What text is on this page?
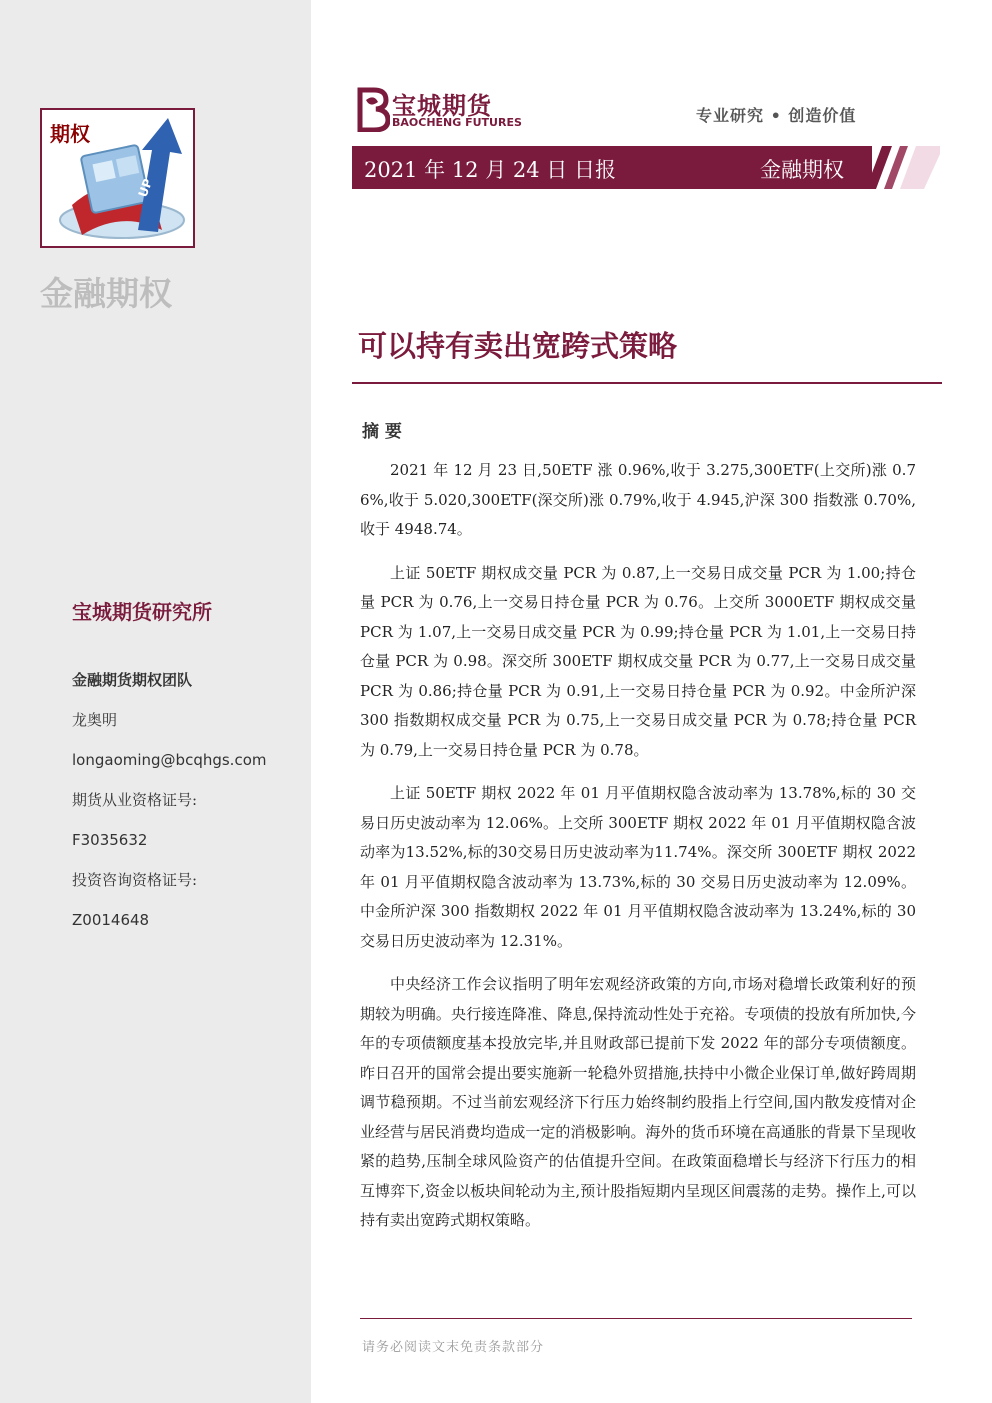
UP
期权
金融期权
宝城期货研究所
金融期货期权团队
龙奥明
longaoming@bcqhgs.com
期货从业资格证号:
F3035632
投资咨询资格证号:
Z0014648
宝城期货
BAOCHENG FUTURES	专业研究 • 创造价值
2021 年 12 月 24 日 日报	金融期权
可以持有卖出宽跨式策略
摘 要

2021 年 12 月 23 日,50ETF 涨 0.96%,收于 3.275,300ETF(上交所)涨 0.76%,收于 5.020,300ETF(深交所)涨 0.79%,收于 4.945,沪深 300 指数涨 0.70%,收于 4948.74。

上证 50ETF 期权成交量 PCR 为 0.87,上一交易日成交量 PCR 为 1.00;持仓量 PCR 为 0.76,上一交易日持仓量 PCR 为 0.76。上交所 3000ETF 期权成交量 PCR 为 1.07,上一交易日成交量 PCR 为 0.99;持仓量 PCR 为 1.01,上一交易日持仓量 PCR 为 0.98。深交所 300ETF 期权成交量 PCR 为 0.77,上一交易日成交量 PCR 为 0.86;持仓量 PCR 为 0.91,上一交易日持仓量 PCR 为 0.92。中金所沪深 300 指数期权成交量 PCR 为 0.75,上一交易日成交量 PCR 为 0.78;持仓量 PCR 为 0.79,上一交易日持仓量 PCR 为 0.78。

上证 50ETF 期权 2022 年 01 月平值期权隐含波动率为 13.78%,标的 30 交易日历史波动率为 12.06%。上交所 300ETF 期权 2022 年 01 月平值期权隐含波动率为13.52%,标的30交易日历史波动率为11.74%。深交所 300ETF 期权 2022 年 01 月平值期权隐含波动率为 13.73%,标的 30 交易日历史波动率为 12.09%。中金所沪深 300 指数期权 2022 年 01 月平值期权隐含波动率为 13.24%,标的 30 交易日历史波动率为 12.31%。

中央经济工作会议指明了明年宏观经济政策的方向,市场对稳增长政策利好的预期较为明确。央行接连降准、降息,保持流动性处于充裕。专项债的投放有所加快,今年的专项债额度基本投放完毕,并且财政部已提前下发 2022 年的部分专项债额度。昨日召开的国常会提出要实施新一轮稳外贸措施,扶持中小微企业保订单,做好跨周期调节稳预期。不过当前宏观经济下行压力始终制约股指上行空间,国内散发疫情对企业经营与居民消费均造成一定的消极影响。海外的货币环境在高通胀的背景下呈现收紧的趋势,压制全球风险资产的估值提升空间。在政策面稳增长与经济下行压力的相互博弈下,资金以板块间轮动为主,预计股指短期内呈现区间震荡的走势。操作上,可以持有卖出宽跨式期权策略。

请务必阅读文末免责条款部分
